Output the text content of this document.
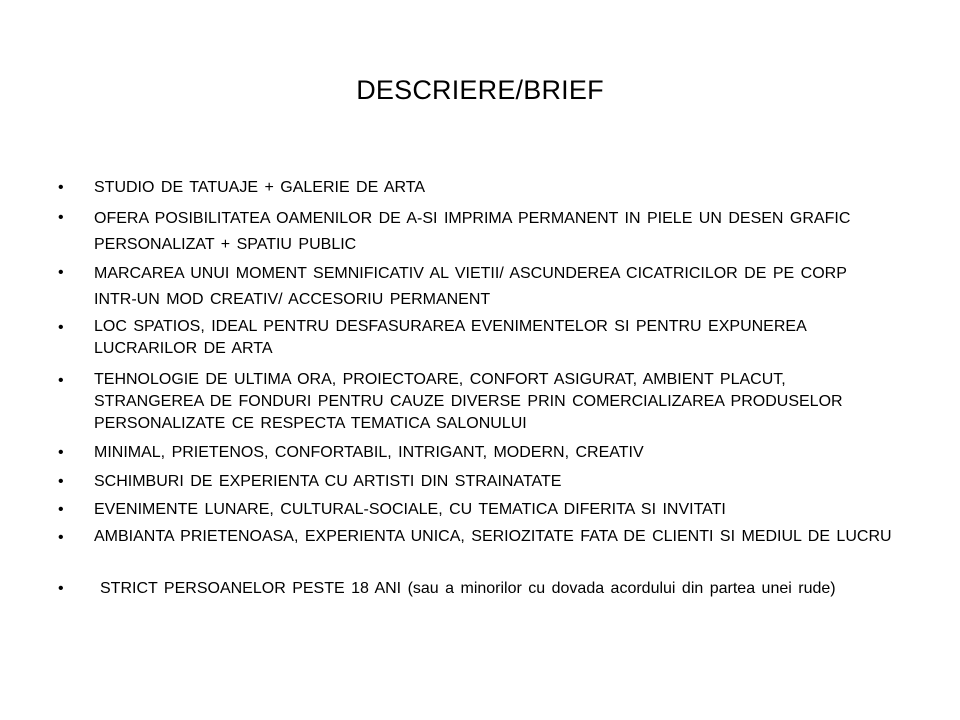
DESCRIERE/BRIEF
• STUDIO DE TATUAJE + GALERIE DE ARTA
• OFERA POSIBILITATEA OAMENILOR DE A-SI IMPRIMA PERMANENT IN PIELE UN DESEN GRAFIC PERSONALIZAT + SPATIU PUBLIC
• MARCAREA UNUI MOMENT SEMNIFICATIV AL VIETII/ ASCUNDEREA CICATRICILOR DE PE CORP INTR-UN MOD CREATIV/ ACCESORIU PERMANENT
• LOC SPATIOS, IDEAL PENTRU DESFASURAREA EVENIMENTELOR SI PENTRU EXPUNEREA LUCRARILOR DE ARTA
• TEHNOLOGIE DE ULTIMA ORA, PROIECTOARE, CONFORT ASIGURAT, AMBIENT PLACUT, STRANGEREA DE FONDURI PENTRU CAUZE DIVERSE PRIN COMERCIALIZAREA PRODUSELOR PERSONALIZATE CE RESPECTA TEMATICA SALONULUI
• MINIMAL, PRIETENOS, CONFORTABIL, INTRIGANT, MODERN, CREATIV
• SCHIMBURI DE EXPERIENTA CU ARTISTI DIN STRAINATATE
• EVENIMENTE LUNARE, CULTURAL-SOCIALE, CU TEMATICA DIFERITA SI INVITATI
• AMBIANTA PRIETENOASA, EXPERIENTA UNICA, SERIOZITATE FATA DE CLIENTI SI MEDIUL DE LUCRU
•	STRICT PERSOANELOR PESTE 18 ANI (sau a minorilor cu dovada acordului din partea unei rude)
